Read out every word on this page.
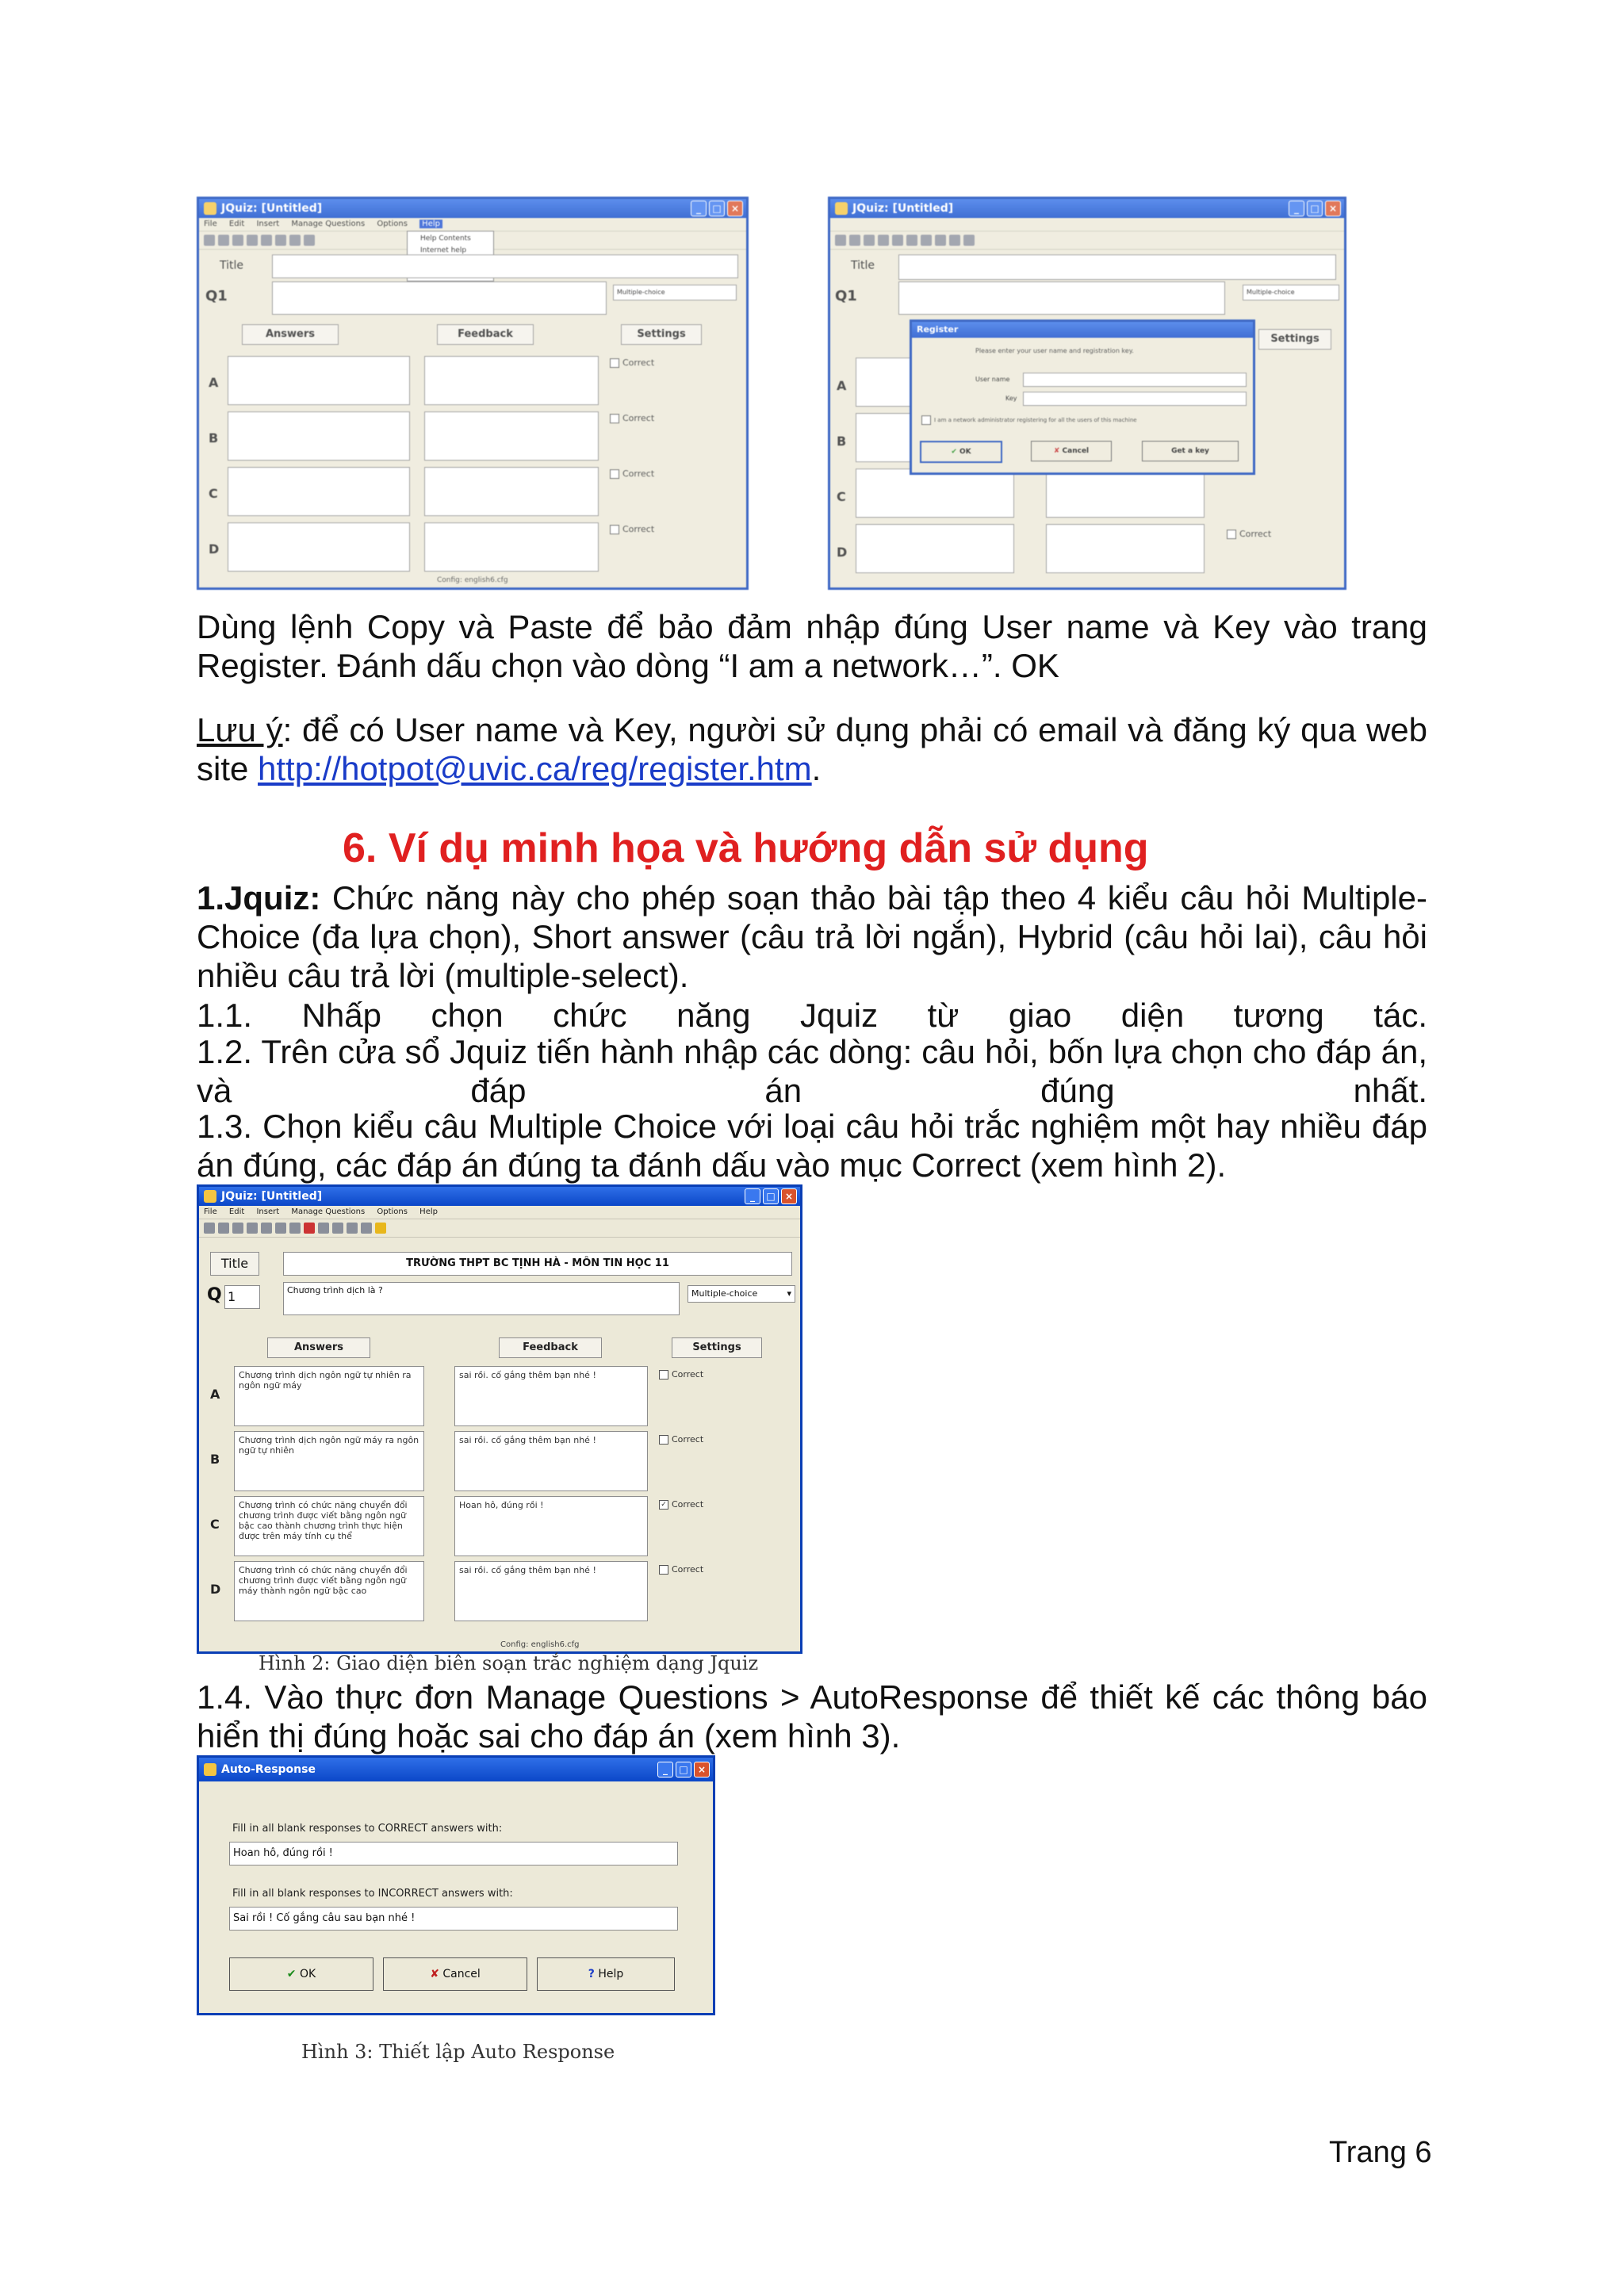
JQuiz: [Untitled]	_	□	×
File Edit Insert Manage Questions Options Help
Help Contents
Internet help
Title
Q1	Multiple-choice
Answers	Feedback	Settings
A
B
C
D
Correct
Correct
Correct
Correct
Config: english6.cfg
JQuiz: [Untitled]	_	□	×
Title
Q1	Multiple-choice
Settings
A
B
C
D
Correct
Register
Please enter your user name and registration key.
User name
Key
I am a network administrator registering for all the users of this machine
✔ OK	✘ Cancel	Get a key
Dùng lệnh Copy và Paste để bảo đảm nhập đúng User name và Key vào trang Register. Đánh dấu chọn vào dòng “I am a network…”. OK
Lưu ý: để có User name và Key, người sử dụng phải có email và đăng ký qua web site http://hotpot@uvic.ca/reg/register.htm.
6. Ví dụ minh họa và hướng dẫn sử dụng
1.Jquiz: Chức năng này cho phép soạn thảo bài tập theo 4 kiểu câu hỏi Multiple-Choice (đa lựa chọn), Short answer (câu trả lời ngắn), Hybrid (câu hỏi lai), câu hỏi nhiều câu trả lời (multiple-select).
1.1. Nhấp chọn chức năng Jquiz từ giao diện tương tác.
1.2. Trên cửa sổ Jquiz tiến hành nhập các dòng: câu hỏi, bốn lựa chọn cho đáp án, và đáp án đúng nhất.
1.3. Chọn kiểu câu Multiple Choice với loại câu hỏi trắc nghiệm một hay nhiều đáp án đúng, các đáp án đúng ta đánh dấu vào mục Correct (xem hình 2).
JQuiz: [Untitled]	_	□	×
File Edit Insert Manage Questions Options Help
Title	TRƯỜNG THPT BC TỊNH HÀ - MÔN TIN HỌC 11
Q 1	Chương trình dịch là ?	Multiple-choice	▾
Answers	Feedback	Settings
A
Chương trình dịch ngôn ngữ tự nhiên ra ngôn ngữ máy
sai rồi. cố gắng thêm bạn nhé !	Correct
B
Chương trình dịch ngôn ngữ máy ra ngôn ngữ tự nhiên
sai rồi. cố gắng thêm bạn nhé !	Correct
C
Chương trình có chức năng chuyển đổi chương trình được viết bằng ngôn ngữ bậc cao thành chương trình thực hiện được trên máy tính cụ thể
Hoan hô, đúng rồi !	✓ Correct
D
Chương trình có chức năng chuyển đổi chương trình được viết bằng ngôn ngữ máy thành ngôn ngữ bậc cao
sai rồi. cố gắng thêm bạn nhé !	Correct
Config: english6.cfg
Hình 2: Giao diện biên soạn trắc nghiệm dạng Jquiz
1.4. Vào thực đơn Manage Questions > AutoResponse để thiết kế các thông báo hiển thị đúng hoặc sai cho đáp án (xem hình 3).
Auto-Response	_	□	×
Fill in all blank responses to CORRECT answers with:
Hoan hô, đúng rồi !
Fill in all blank responses to INCORRECT answers with:
Sai rồi ! Cố gắng câu sau bạn nhé !
✔ OK	✘ Cancel	? Help
Hình 3: Thiết lập Auto Response
Trang 6
